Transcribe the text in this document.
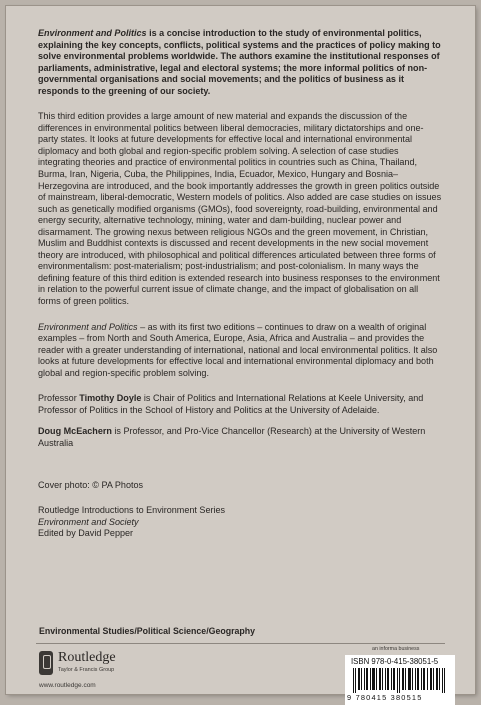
Environment and Politics is a concise introduction to the study of environmental politics, explaining the key concepts, conflicts, political systems and the practices of policy making to solve environmental problems worldwide. The authors examine the institutional responses of parliaments, administrative, legal and electoral systems; the more informal politics of non-governmental organisations and social movements; and the politics of business as it responds to the greening of our society.

This third edition provides a large amount of new material and expands the discussion of the differences in environmental politics between liberal democracies, military dictatorships and one-party states. It looks at future developments for effective local and international environmental diplomacy and both global and region-specific problem solving. A selection of case studies integrating theories and practice of environmental politics in countries such as China, Thailand, Burma, Iran, Nigeria, Cuba, the Philippines, India, Ecuador, Mexico, Hungary and Bosnia–Herzegovina are introduced, and the book importantly addresses the growth in green politics outside of mainstream, liberal-democratic, Western models of politics. Also added are case studies on issues such as genetically modified organisms (GMOs), food sovereignty, road-building, environmental and energy security, alternative technology, mining, water and dam-building, nuclear power and disarmament. The growing nexus between religious NGOs and the green movement, in Christian, Muslim and Buddhist contexts is discussed and recent developments in the new social movement theory are introduced, with philosophical and political differences articulated between three forms of environmentalism: post-materialism; post-industrialism; and post-colonialism. In many ways the defining feature of this third edition is extended research into business responses to the environment in relation to the powerful current issue of climate change, and the impact of globalisation on all forms of green politics.

Environment and Politics – as with its first two editions – continues to draw on a wealth of original examples – from North and South America, Europe, Asia, Africa and Australia – and provides the reader with a greater understanding of international, national and local environmental politics. It also looks at future developments for effective local and international environmental diplomacy and both global and region-specific problem solving.

Professor Timothy Doyle is Chair of Politics and International Relations at Keele University, and Professor of Politics in the School of History and Politics at the University of Adelaide.

Doug McEachern is Professor, and Pro-Vice Chancellor (Research) at the University of Western Australia

Cover photo: © PA Photos

Routledge Introductions to Environment Series

Environment and Society

Edited by David Pepper

Environmental Studies/Political Science/Geography
Routledge
Taylor & Francis Group
www.routledge.com
an informa business
ISBN 978-0-415-38051-5
9 780415 380515
